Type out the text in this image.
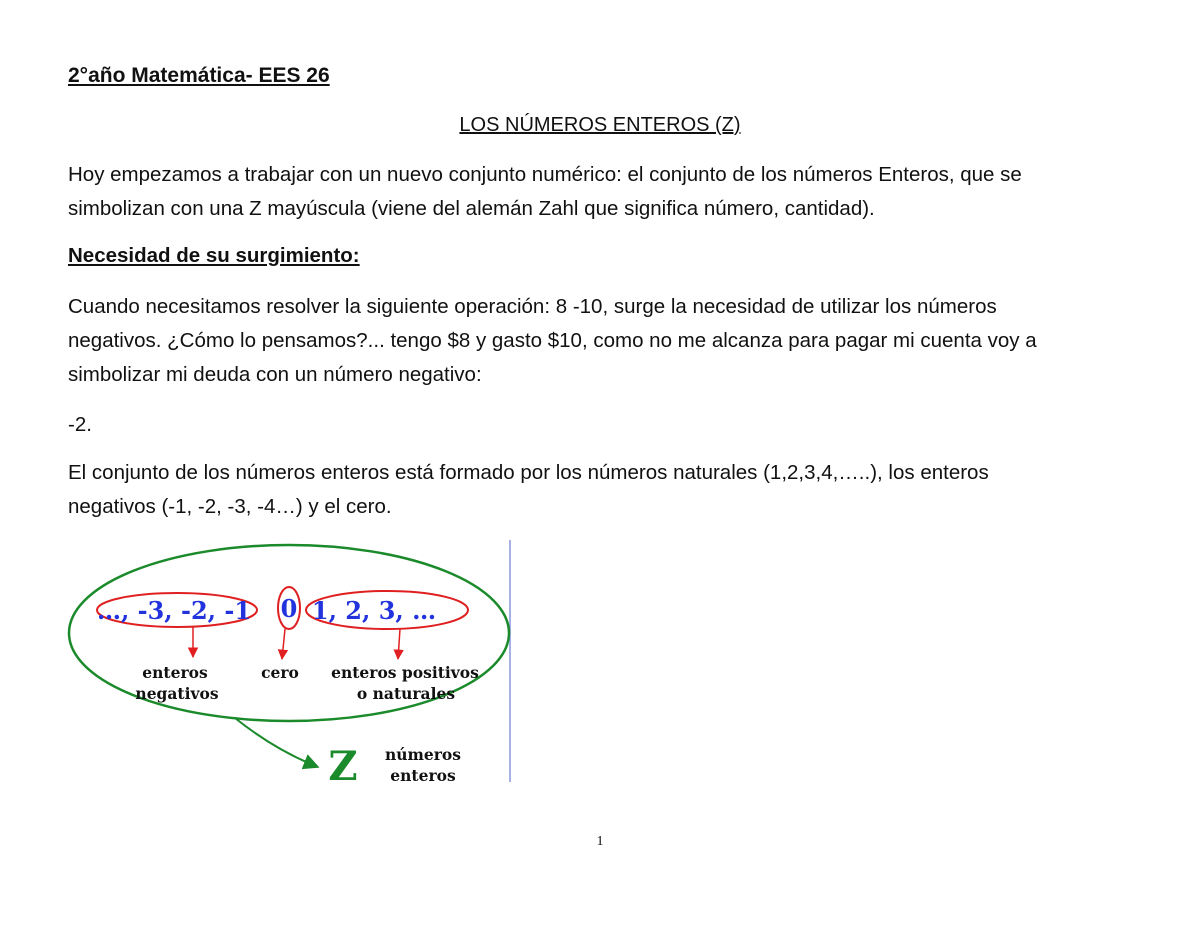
2°año Matemática- EES 26
LOS NÚMEROS ENTEROS (Z)

Hoy empezamos a trabajar con un nuevo conjunto numérico: el conjunto de los números Enteros, que se
simbolizan con una Z mayúscula (viene del alemán Zahl que significa número, cantidad).

Necesidad de su surgimiento:

Cuando necesitamos resolver la siguiente operación: 8 -10, surge la necesidad de utilizar los números
negativos. ¿Cómo lo pensamos?... tengo $8 y gasto $10, como no me alcanza para pagar mi cuenta voy a
simbolizar mi deuda con un número negativo:

-2.

El conjunto de los números enteros está formado por los números naturales (1,2,3,4,…..), los enteros
negativos (-1, -2, -3, -4…) y el cero.

…, -3, -2, -1 0 1, 2, 3, …
enteros
negativos
cero enteros positivos
o naturales
Z números
enteros
1
